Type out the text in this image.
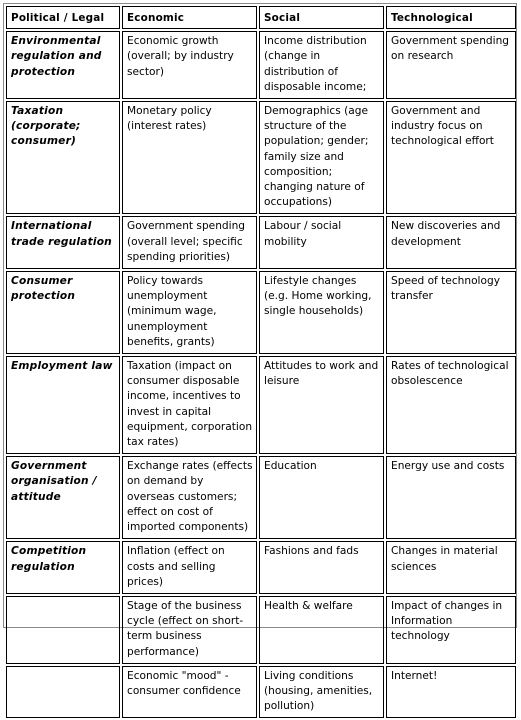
Political / Legal	Economic	Social	Technological
Environmental regulation and protection	Economic growth (overall; by industry sector)	Income distribution (change in distribution of disposable income;	Government spending on research
Taxation (corporate; consumer)	Monetary policy (interest rates)	Demographics (age structure of the population; gender; family size and composition; changing nature of occupations)	Government and industry focus on technological effort
International trade regulation	Government spending (overall level; specific spending priorities)	Labour / social mobility	New discoveries and development
Consumer protection	Policy towards unemployment (minimum wage, unemployment benefits, grants)	Lifestyle changes (e.g. Home working, single households)	Speed of technology transfer
Employment law	Taxation (impact on consumer disposable income, incentives to invest in capital equipment, corporation tax rates)	Attitudes to work and leisure	Rates of technological obsolescence
Government organisation / attitude	Exchange rates (effects on demand by overseas customers; effect on cost of imported components)	Education	Energy use and costs
Competition regulation	Inflation (effect on costs and selling prices)	Fashions and fads	Changes in material sciences
	Stage of the business cycle (effect on short-term business performance)	Health & welfare	Impact of changes in Information technology
	Economic "mood" - consumer confidence	Living conditions (housing, amenities, pollution)	Internet!
